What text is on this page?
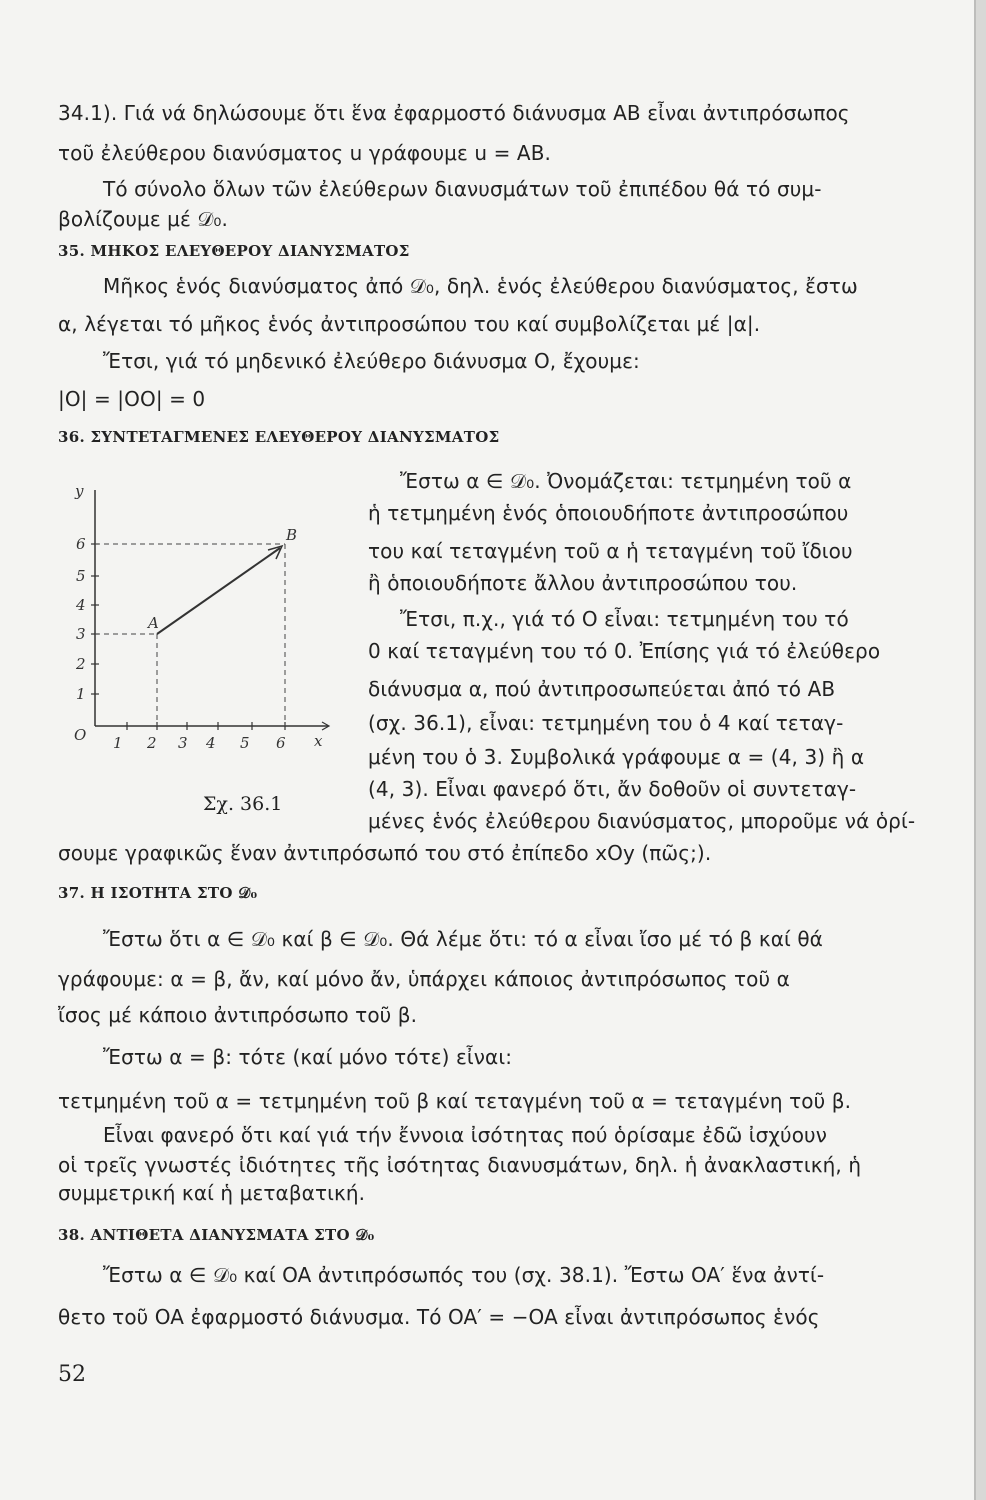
34.1). Γιά νά δηλώσουμε ὅτι ἕνα ἐφαρμοστό διάνυσμα AB εἶναι ἀντιπρόσωπος
τοῦ ἐλεύθερου διανύσματος u γράφουμε u = AB.
Τό σύνολο ὅλων τῶν ἐλεύθερων διανυσμάτων τοῦ ἐπιπέδου θά τό συμ-
βολίζουμε μέ 𝒟₀.
35. ΜΗΚΟΣ ΕΛΕΥΘΕΡΟΥ ΔΙΑΝΥΣΜΑΤΟΣ
Μῆκος ἑνός διανύσματος ἀπό 𝒟₀, δηλ. ἑνός ἐλεύθερου διανύσματος, ἔστω
α, λέγεται τό μῆκος ἑνός ἀντιπροσώπου του καί συμβολίζεται μέ |α|.
Ἔτσι, γιά τό μηδενικό ἐλεύθερο διάνυσμα O, ἔχουμε:
|O| = |OO| = 0
36. ΣΥΝΤΕΤΑΓΜΕΝΕΣ ΕΛΕΥΘΕΡΟΥ ΔΙΑΝΥΣΜΑΤΟΣ
y
x
O 1 2 3 4 5 6
1
2
3
4
5
6
A
B
Σχ. 36.1
Ἔστω α ∈ 𝒟₀. Ὀνομάζεται: τετμημένη τοῦ α
ἡ τετμημένη ἑνός ὁποιουδήποτε ἀντιπροσώπου
του καί τεταγμένη τοῦ α ἡ τεταγμένη τοῦ ἴδιου
ἢ ὁποιουδήποτε ἄλλου ἀντιπροσώπου του.
Ἔτσι, π.χ., γιά τό O εἶναι: τετμημένη του τό
0 καί τεταγμένη του τό 0. Ἐπίσης γιά τό ἐλεύθερο
διάνυσμα α, πού ἀντιπροσωπεύεται ἀπό τό AB
(σχ. 36.1), εἶναι: τετμημένη του ὁ 4 καί τεταγ-
μένη του ὁ 3. Συμβολικά γράφουμε α = (4, 3) ἢ α
(4, 3). Εἶναι φανερό ὅτι, ἄν δοθοῦν οἱ συντεταγ-
μένες ἑνός ἐλεύθερου διανύσματος, μποροῦμε νά ὁρί-
σουμε γραφικῶς ἕναν ἀντιπρόσωπό του στό ἐπίπεδο xOy (πῶς;).
37. Η ΙΣΟΤΗΤΑ ΣΤΟ 𝒟₀
Ἔστω ὅτι α ∈ 𝒟₀ καί β ∈ 𝒟₀. Θά λέμε ὅτι: τό α εἶναι ἴσο μέ τό β καί θά
γράφουμε: α = β, ἄν, καί μόνο ἄν, ὑπάρχει κάποιος ἀντιπρόσωπος τοῦ α
ἴσος μέ κάποιο ἀντιπρόσωπο τοῦ β.
Ἔστω α = β: τότε (καί μόνο τότε) εἶναι:
τετμημένη τοῦ α = τετμημένη τοῦ β καί τεταγμένη τοῦ α = τεταγμένη τοῦ β.
Εἶναι φανερό ὅτι καί γιά τήν ἔννοια ἰσότητας πού ὁρίσαμε ἐδῶ ἰσχύουν
οἱ τρεῖς γνωστές ἰδιότητες τῆς ἰσότητας διανυσμάτων, δηλ. ἡ ἀνακλαστική, ἡ
συμμετρική καί ἡ μεταβατική.
38. ΑΝΤΙΘΕΤΑ ΔΙΑΝΥΣΜΑΤΑ ΣΤΟ 𝒟₀
Ἔστω α ∈ 𝒟₀ καί OA ἀντιπρόσωπός του (σχ. 38.1). Ἔστω OA′ ἕνα ἀντί-
θετο τοῦ OA ἐφαρμοστό διάνυσμα. Τό OA′ = −OA εἶναι ἀντιπρόσωπος ἑνός
52
